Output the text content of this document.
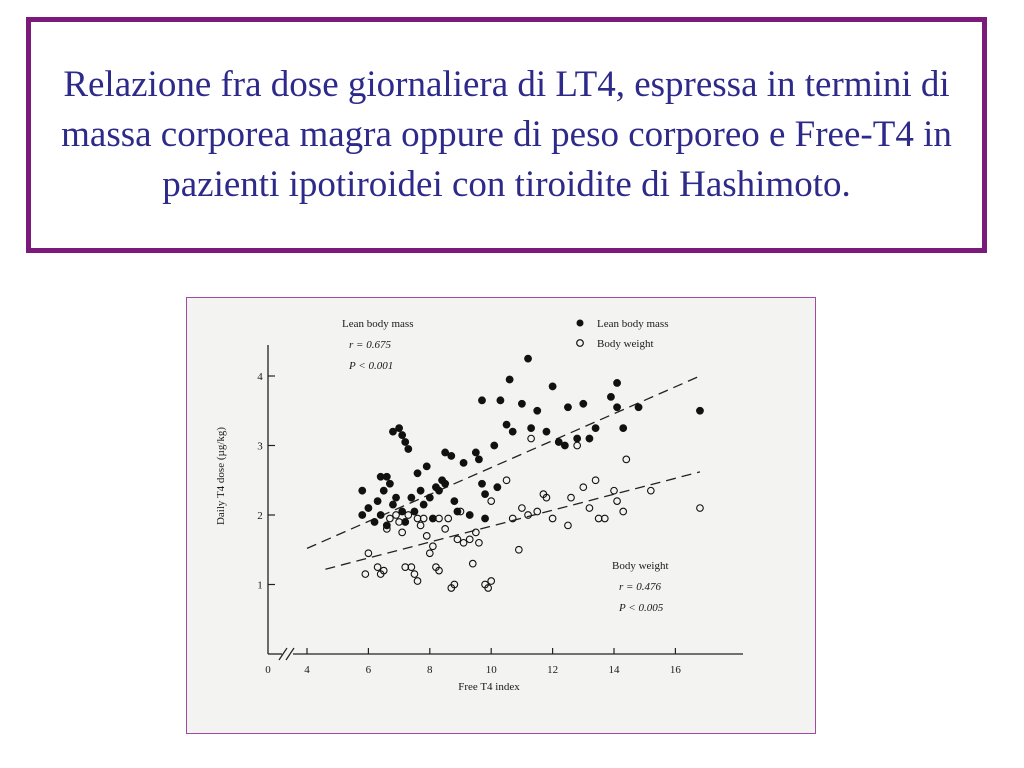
Relazione fra dose giornaliera di LT4, espressa in termini di massa corporea magra oppure di peso corporeo e Free-T4 in pazienti ipotiroidei con tiroidite di Hashimoto.

4	6	8	10	12	14	16
1
2
3
4
0
Free T4 index
Daily T4 dose (µg/kg)
Lean body mass
r = 0.675
P < 0.001
Lean body mass
Body weight
Body weight
r = 0.476
P < 0.005
